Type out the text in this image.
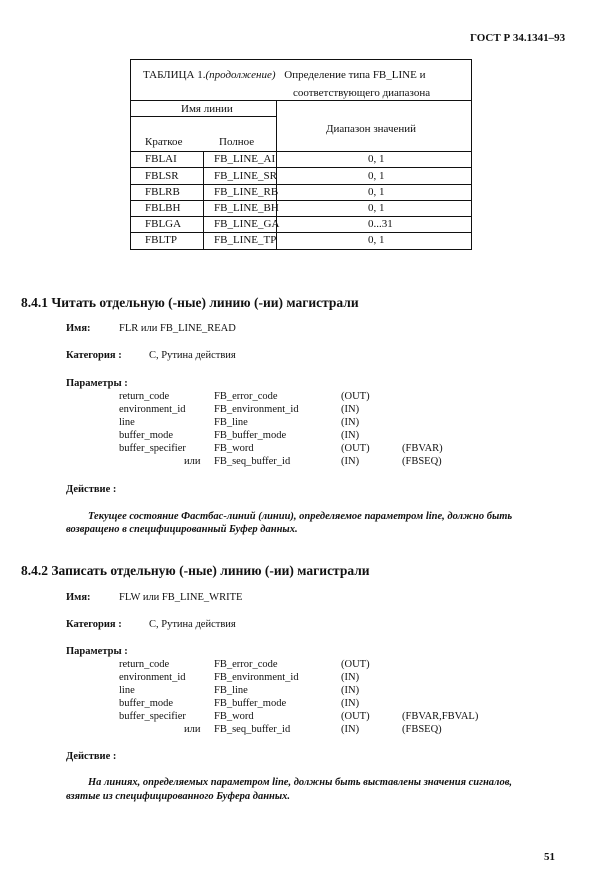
ГОСТ Р 34.1341–93
ТАБЛИЦА 1.(продолжение) Определение типа FB_LINE и
соответствующего диапазона
Имя линии
Краткое	Полное
Диапазон значений
FBLAI	FB_LINE_AI	0, 1
FBLSR	FB_LINE_SR	0, 1
FBLRB	FB_LINE_RB	0, 1
FBLBH	FB_LINE_BH	0, 1
FBLGA	FB_LINE_GA	0...31
FBLTP	FB_LINE_TP	0, 1
8.4.1 Читать отдельную (-ные) линию (-ии) магистрали
Имя:	FLR или FB_LINE_READ
Категория :	С, Рутина действия
Параметры :
return_code	FB_error_code	(OUT)
environment_id	FB_environment_id	(IN)
line	FB_line	(IN)
buffer_mode	FB_buffer_mode	(IN)
buffer_specifier	FB_word	(OUT)	(FBVAR)
или FB_seq_buffer_id	(IN)	(FBSEQ)
Действие :
Текущее состояние Фастбас-линий (линии), определяемое параметром line, должно быть
возвращено в специфицированный Буфер данных.
8.4.2 Записать отдельную (-ные) линию (-ии) магистрали
Имя:	FLW или FB_LINE_WRITE
Категория :	С, Рутина действия
Параметры :
return_code	FB_error_code	(OUT)
environment_id	FB_environment_id	(IN)
line	FB_line	(IN)
buffer_mode	FB_buffer_mode	(IN)
buffer_specifier	FB_word	(OUT)	(FBVAR,FBVAL)
или FB_seq_buffer_id	(IN)	(FBSEQ)
Действие :
На линиях, определяемых параметром line, должны быть выставлены значения сигналов,
взятые из специфицированного Буфера данных.
51
